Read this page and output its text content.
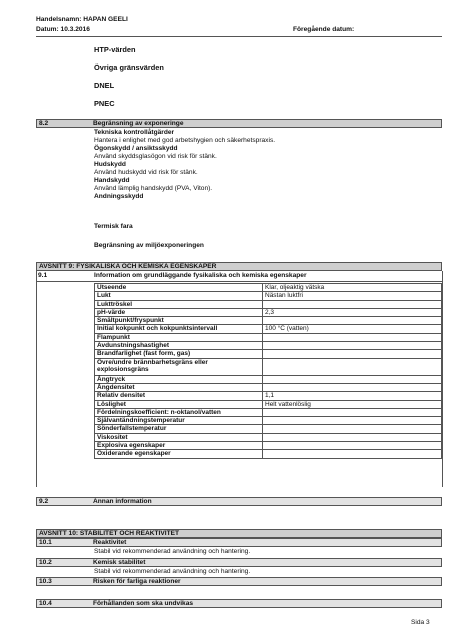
Handelsnamn: HAPAN GEELI
Datum: 10.3.2016	Föregående datum:
HTP-värden
Övriga gränsvärden
DNEL
PNEC
8.2	Begränsning av exponeringe
Tekniska kontrollåtgärder
Hantera i enlighet med god arbetshygien och säkerhetspraxis.
Ögonskydd / ansiktsskydd
Använd skyddsglasögon vid risk för stänk.
Hudskydd
Använd hudskydd vid risk för stänk.
Handskydd
Använd lämplig handskydd (PVA, Viton).
Andningsskydd
Termisk fara
Begränsning av miljöexponeringen
AVSNITT 9: FYSIKALISKA OCH KEMISKA EGENSKAPER
9.1	Information om grundläggande fysikaliska och kemiska egenskaper
Utseende	Klar, oljeaktig vätska
Lukt	Nästan luktfri
Lukttröskel	
pH-värde	2,3
Smältpunkt/fryspunkt	
Initial kokpunkt och kokpunktsintervall	100 °C (vatten)
Flampunkt	
Avdunstningshastighet	
Brandfarlighet (fast form, gas)	
Övre/undre brännbarhetsgräns eller explosionsgräns	
Ångtryck	
Ångdensitet	
Relativ densitet	1,1
Löslighet	Helt vattenlöslig
Fördelningskoefficient: n-oktanol/vatten	
Självantändningstemperatur	
Sönderfallstemperatur	
Viskositet	
Explosiva egenskaper	
Oxiderande egenskaper	
9.2	Annan information
AVSNITT 10: STABILITET OCH REAKTIVITET
10.1	Reaktivitet
Stabil vid rekommenderad användning och hantering.
10.2	Kemisk stabilitet
Stabil vid rekommenderad användning och hantering.
10.3	Risken för farliga reaktioner
10.4	Förhållanden som ska undvikas
Sida 3
